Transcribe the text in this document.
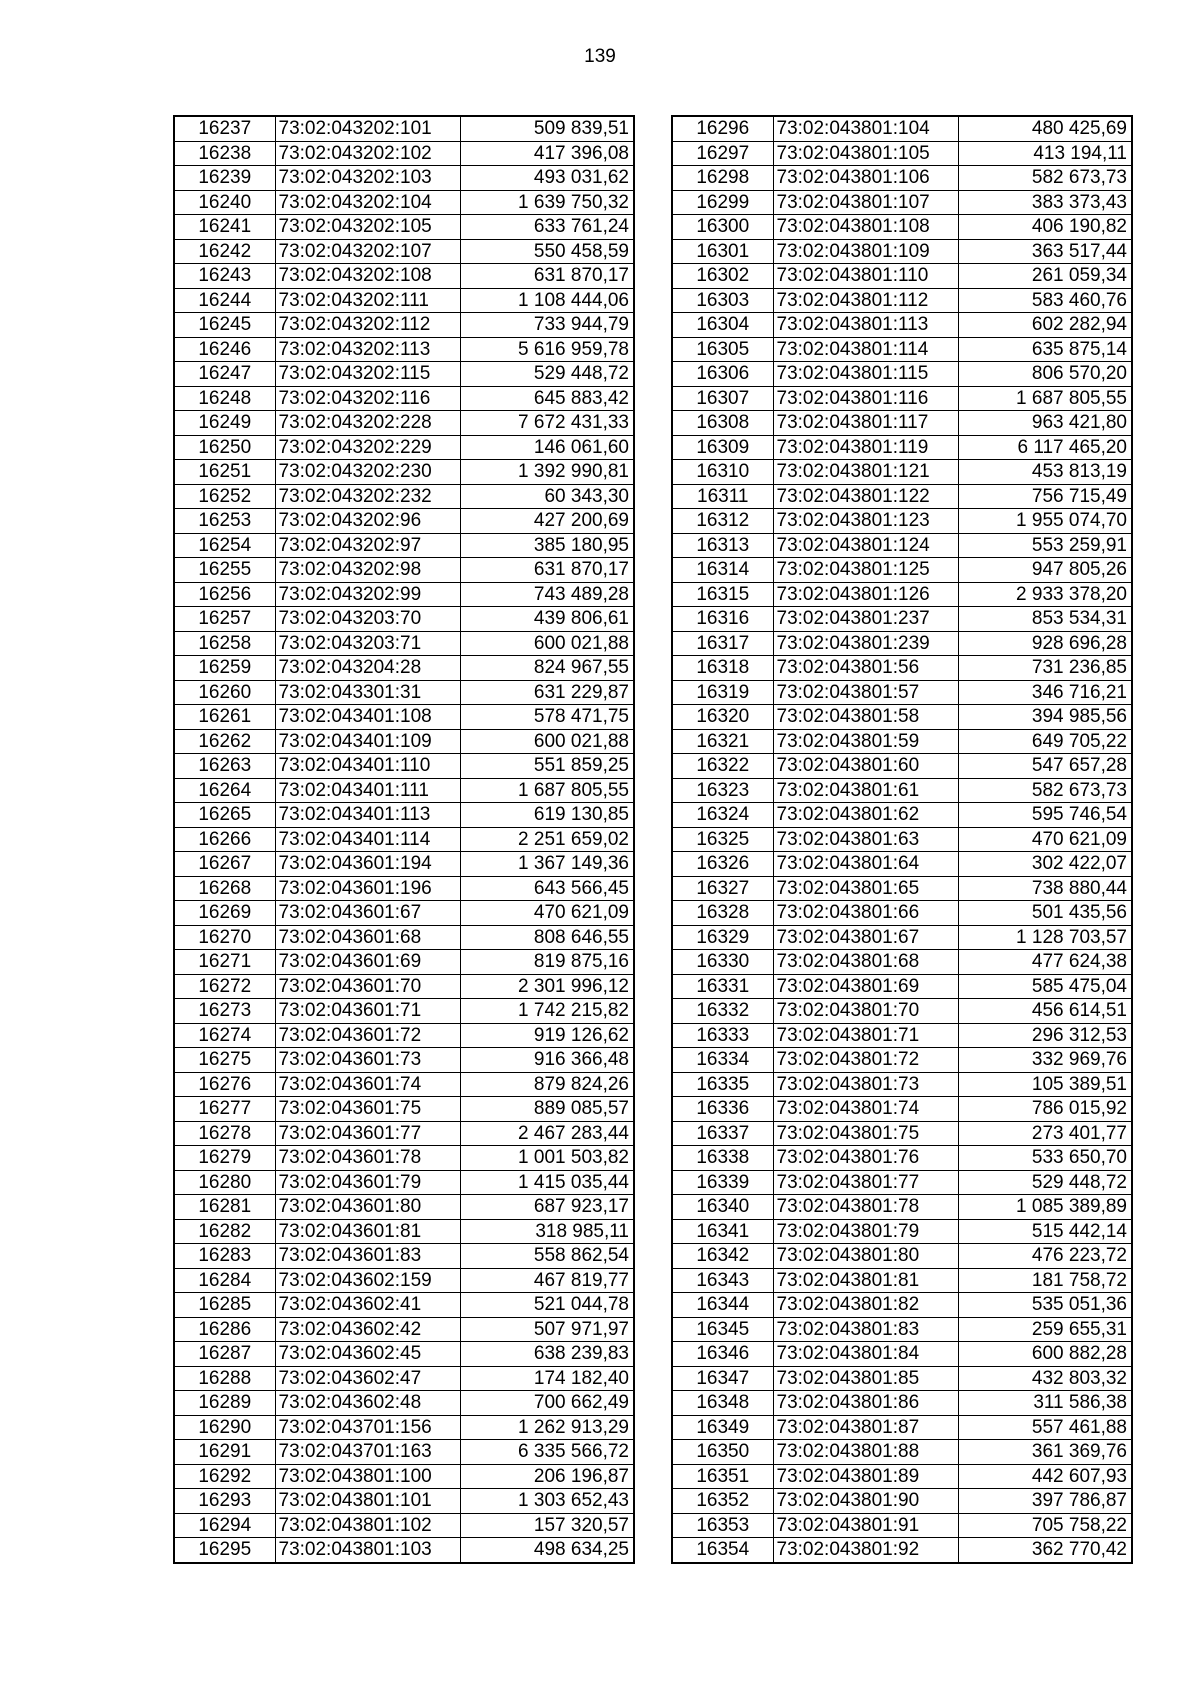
139
16237	73:02:043202:101	509 839,51
16238	73:02:043202:102	417 396,08
16239	73:02:043202:103	493 031,62
16240	73:02:043202:104	1 639 750,32
16241	73:02:043202:105	633 761,24
16242	73:02:043202:107	550 458,59
16243	73:02:043202:108	631 870,17
16244	73:02:043202:111	1 108 444,06
16245	73:02:043202:112	733 944,79
16246	73:02:043202:113	5 616 959,78
16247	73:02:043202:115	529 448,72
16248	73:02:043202:116	645 883,42
16249	73:02:043202:228	7 672 431,33
16250	73:02:043202:229	146 061,60
16251	73:02:043202:230	1 392 990,81
16252	73:02:043202:232	60 343,30
16253	73:02:043202:96	427 200,69
16254	73:02:043202:97	385 180,95
16255	73:02:043202:98	631 870,17
16256	73:02:043202:99	743 489,28
16257	73:02:043203:70	439 806,61
16258	73:02:043203:71	600 021,88
16259	73:02:043204:28	824 967,55
16260	73:02:043301:31	631 229,87
16261	73:02:043401:108	578 471,75
16262	73:02:043401:109	600 021,88
16263	73:02:043401:110	551 859,25
16264	73:02:043401:111	1 687 805,55
16265	73:02:043401:113	619 130,85
16266	73:02:043401:114	2 251 659,02
16267	73:02:043601:194	1 367 149,36
16268	73:02:043601:196	643 566,45
16269	73:02:043601:67	470 621,09
16270	73:02:043601:68	808 646,55
16271	73:02:043601:69	819 875,16
16272	73:02:043601:70	2 301 996,12
16273	73:02:043601:71	1 742 215,82
16274	73:02:043601:72	919 126,62
16275	73:02:043601:73	916 366,48
16276	73:02:043601:74	879 824,26
16277	73:02:043601:75	889 085,57
16278	73:02:043601:77	2 467 283,44
16279	73:02:043601:78	1 001 503,82
16280	73:02:043601:79	1 415 035,44
16281	73:02:043601:80	687 923,17
16282	73:02:043601:81	318 985,11
16283	73:02:043601:83	558 862,54
16284	73:02:043602:159	467 819,77
16285	73:02:043602:41	521 044,78
16286	73:02:043602:42	507 971,97
16287	73:02:043602:45	638 239,83
16288	73:02:043602:47	174 182,40
16289	73:02:043602:48	700 662,49
16290	73:02:043701:156	1 262 913,29
16291	73:02:043701:163	6 335 566,72
16292	73:02:043801:100	206 196,87
16293	73:02:043801:101	1 303 652,43
16294	73:02:043801:102	157 320,57
16295	73:02:043801:103	498 634,25
16296	73:02:043801:104	480 425,69
16297	73:02:043801:105	413 194,11
16298	73:02:043801:106	582 673,73
16299	73:02:043801:107	383 373,43
16300	73:02:043801:108	406 190,82
16301	73:02:043801:109	363 517,44
16302	73:02:043801:110	261 059,34
16303	73:02:043801:112	583 460,76
16304	73:02:043801:113	602 282,94
16305	73:02:043801:114	635 875,14
16306	73:02:043801:115	806 570,20
16307	73:02:043801:116	1 687 805,55
16308	73:02:043801:117	963 421,80
16309	73:02:043801:119	6 117 465,20
16310	73:02:043801:121	453 813,19
16311	73:02:043801:122	756 715,49
16312	73:02:043801:123	1 955 074,70
16313	73:02:043801:124	553 259,91
16314	73:02:043801:125	947 805,26
16315	73:02:043801:126	2 933 378,20
16316	73:02:043801:237	853 534,31
16317	73:02:043801:239	928 696,28
16318	73:02:043801:56	731 236,85
16319	73:02:043801:57	346 716,21
16320	73:02:043801:58	394 985,56
16321	73:02:043801:59	649 705,22
16322	73:02:043801:60	547 657,28
16323	73:02:043801:61	582 673,73
16324	73:02:043801:62	595 746,54
16325	73:02:043801:63	470 621,09
16326	73:02:043801:64	302 422,07
16327	73:02:043801:65	738 880,44
16328	73:02:043801:66	501 435,56
16329	73:02:043801:67	1 128 703,57
16330	73:02:043801:68	477 624,38
16331	73:02:043801:69	585 475,04
16332	73:02:043801:70	456 614,51
16333	73:02:043801:71	296 312,53
16334	73:02:043801:72	332 969,76
16335	73:02:043801:73	105 389,51
16336	73:02:043801:74	786 015,92
16337	73:02:043801:75	273 401,77
16338	73:02:043801:76	533 650,70
16339	73:02:043801:77	529 448,72
16340	73:02:043801:78	1 085 389,89
16341	73:02:043801:79	515 442,14
16342	73:02:043801:80	476 223,72
16343	73:02:043801:81	181 758,72
16344	73:02:043801:82	535 051,36
16345	73:02:043801:83	259 655,31
16346	73:02:043801:84	600 882,28
16347	73:02:043801:85	432 803,32
16348	73:02:043801:86	311 586,38
16349	73:02:043801:87	557 461,88
16350	73:02:043801:88	361 369,76
16351	73:02:043801:89	442 607,93
16352	73:02:043801:90	397 786,87
16353	73:02:043801:91	705 758,22
16354	73:02:043801:92	362 770,42
